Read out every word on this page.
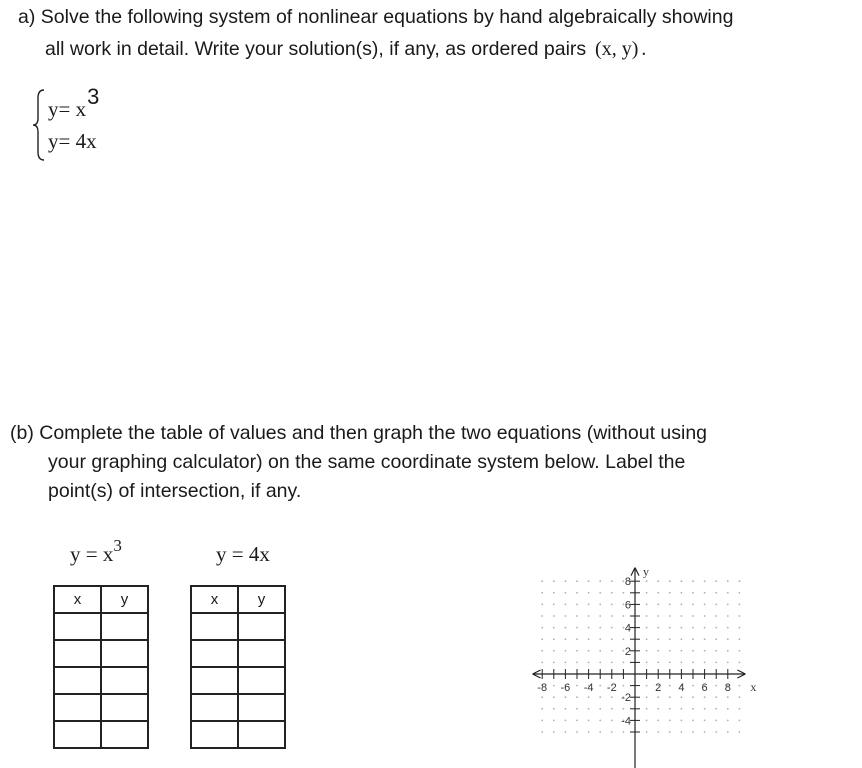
a) Solve the following system of nonlinear equations by hand algebraically showing
all work in detail. Write your solution(s), if any, as ordered pairs (x, y) .
y= x3
y= 4x
(b) Complete the table of values and then graph the two equations (without using
your graphing calculator) on the same coordinate system below. Label the
point(s) of intersection, if any.
$y = x^3$	y = 4x
x	y

		x	y

-8 -6 -4 -2	2 4 6 8
8
6
4
2
-2
-4
x
y
